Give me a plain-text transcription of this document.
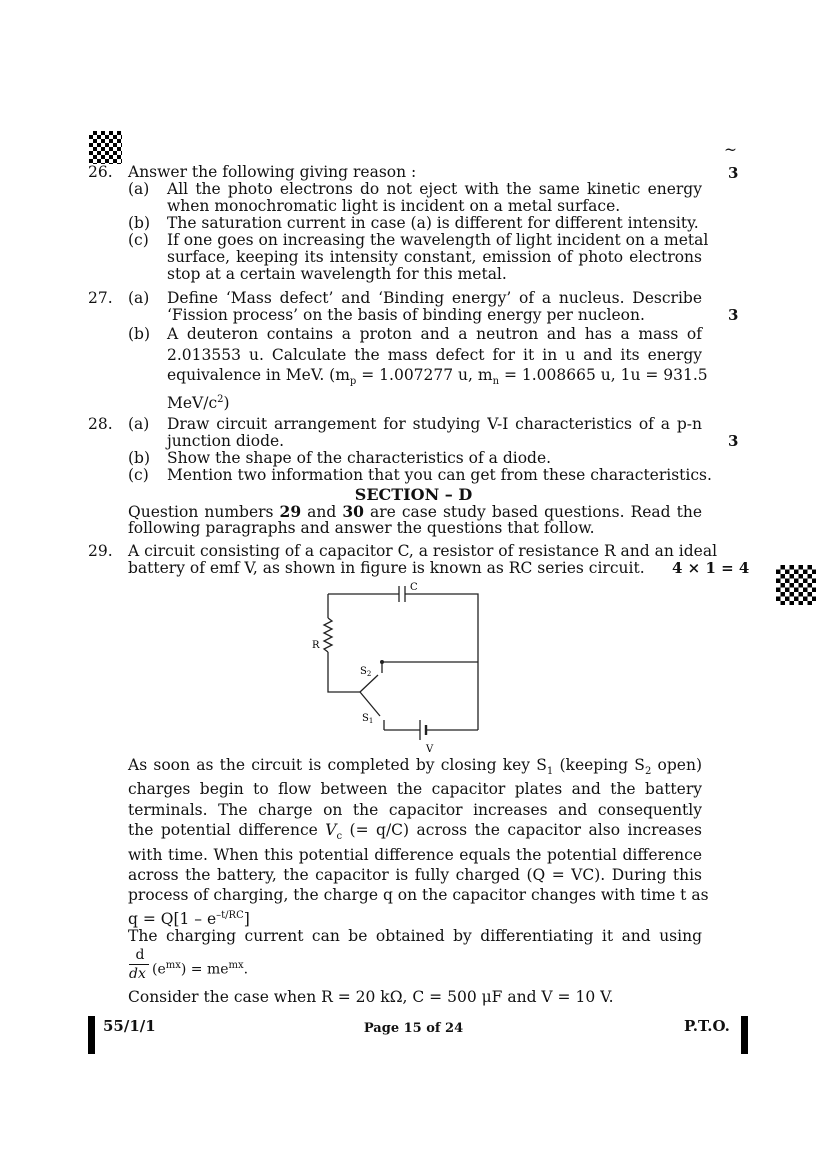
~
26. Answer the following giving reason :	3
(a) All the photo electrons do not eject with the same kinetic energy
when monochromatic light is incident on a metal surface.
(b) The saturation current in case (a) is different for different intensity.
(c) If one goes on increasing the wavelength of light incident on a metal
surface, keeping its intensity constant, emission of photo electrons
stop at a certain wavelength for this metal.
27. (a) Define ‘Mass defect’ and ‘Binding energy’ of a nucleus. Describe
‘Fission process’ on the basis of binding energy per nucleon.	3
(b) A deuteron contains a proton and a neutron and has a mass of
2.013553 u. Calculate the mass defect for it in u and its energy
equivalence in MeV. ($m_p = 1.007277$ u, $m_n = 1.008665$ u, 1u = 931.5
MeV/$c^2$)
28. (a) Draw circuit arrangement for studying V-I characteristics of a p-n
junction diode.	3
(b) Show the shape of the characteristics of a diode.
(c) Mention two information that you can get from these characteristics.
SECTION – D
Question numbers 29 and 30 are case study based questions. Read the
following paragraphs and answer the questions that follow.
29. A circuit consisting of a capacitor C, a resistor of resistance R and an ideal
battery of emf V, as shown in figure is known as RC series circuit. 4 × 1 = 4
C
R
$S_2$
$S_1$
V
As soon as the circuit is completed by closing key $S_1$ (keeping $S_2$ open)
charges begin to flow between the capacitor plates and the battery
terminals. The charge on the capacitor increases and consequently
the potential difference $V_c$ (= q/C) across the capacitor also increases
with time. When this potential difference equals the potential difference
across the battery, the capacitor is fully charged (Q = VC). During this
process of charging, the charge q on the capacitor changes with time t as
$q = Q[1 - e^{-t/RC}]$
The charging current can be obtained by differentiating it and using
d
dx $(e^{mx}) = me^{mx}$.
Consider the case when R = 20 kΩ, C = 500 μF and V = 10 V.
55/1/1	Page 15 of 24	P.T.O.
